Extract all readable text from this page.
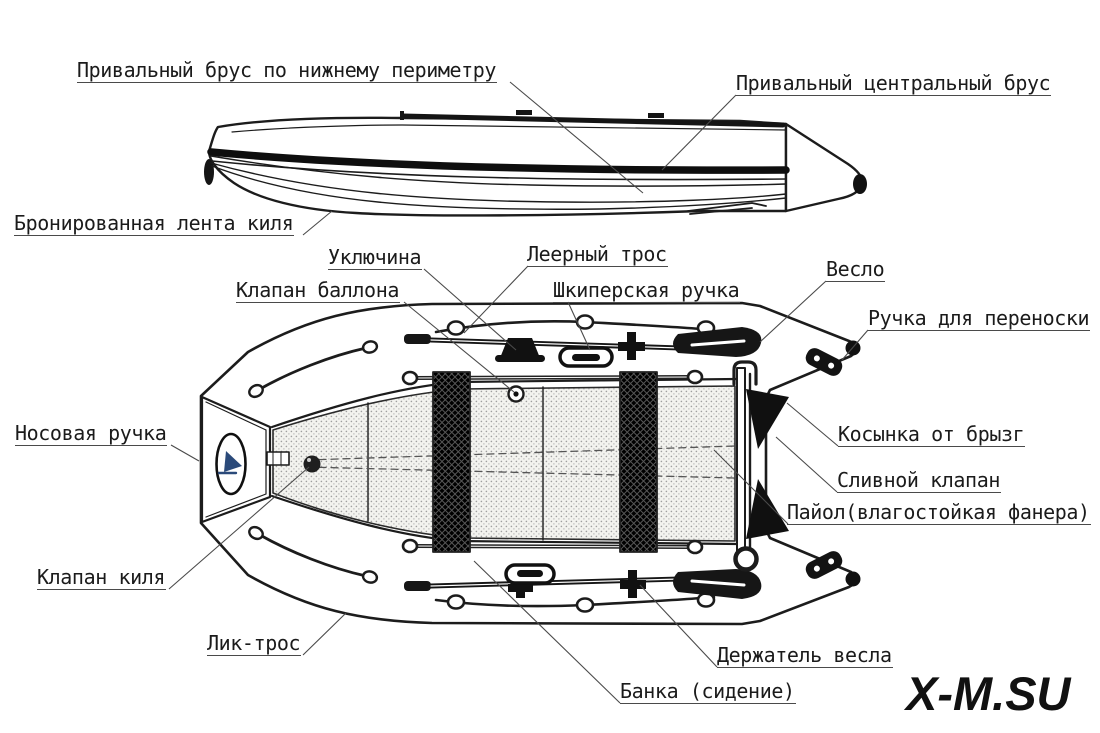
Привальный брус по нижнему периметру
Привальный центральный брус
Бронированная лента киля
Уключина	Леерный трос
Клапан баллона	Шкиперская ручка
Весло
Ручка для переноски
Носовая ручка	Косынка от брызг
Сливной клапан
Пайол(влагостойкая фанера)
Клапан киля
Лик-трос	Держатель весла
Банка (сидение) X-M.SU
